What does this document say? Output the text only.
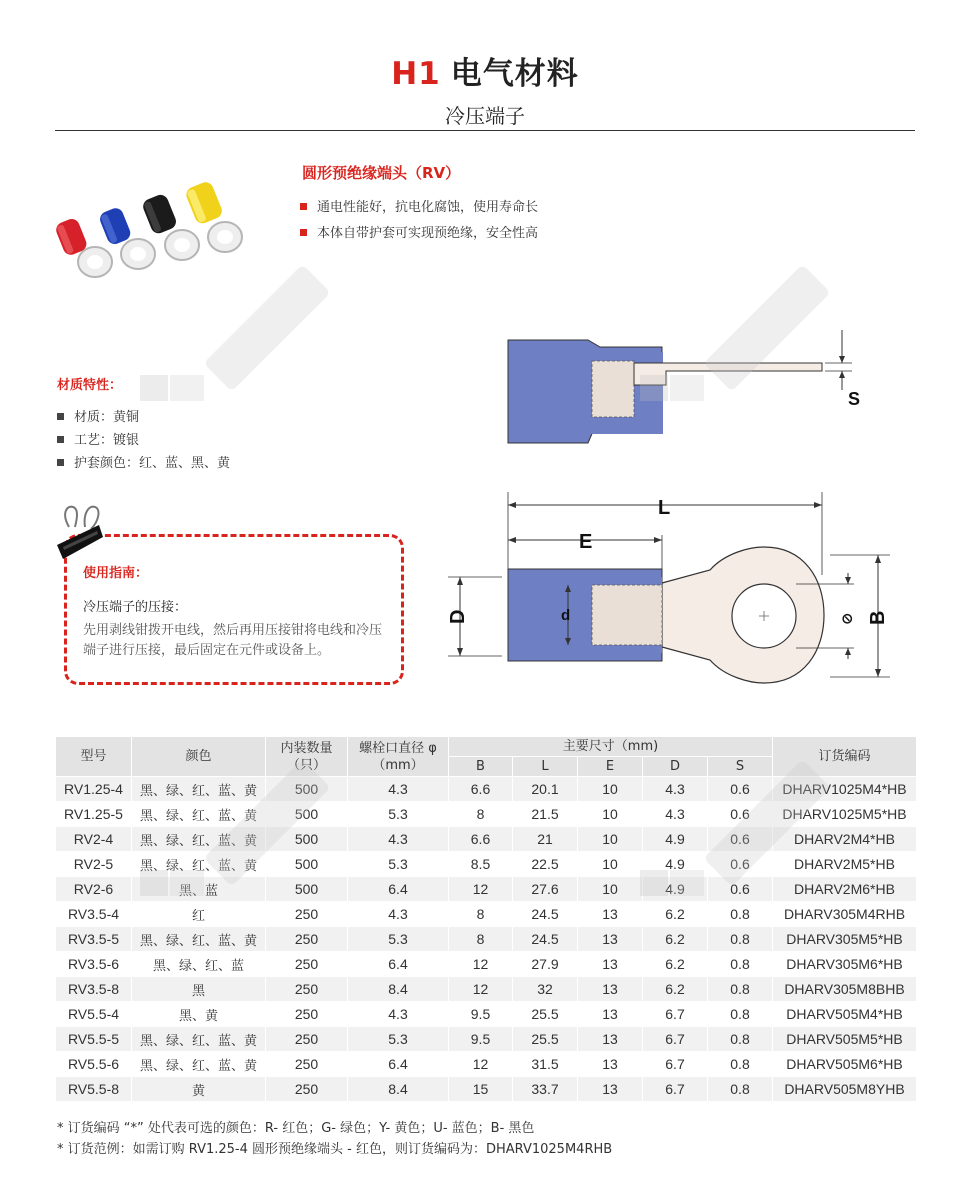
H1 电气材料
冷压端子
圆形预绝缘端头（RV）
通电性能好，抗电化腐蚀，使用寿命长
本体自带护套可实现预绝缘，安全性高
材质特性：
材质：黄铜
工艺：镀银
护套颜色：红、蓝、黑、黄
使用指南：
冷压端子的压接：
先用剥线钳拨开电线，然后再用压接钳将电线和冷压端子进行压接，最后固定在元件或设备上。
S
L
E
D	d	B
⊘
型号	颜色	内装数量（只）	螺栓口直径 φ（mm）	主要尺寸（mm)					订货编码
				B	L	E	D	S	
RV1.25-4	黑、绿、红、蓝、黄	500	4.3	6.6	20.1	10	4.3	0.6	DHARV1025M4*HB
RV1.25-5	黑、绿、红、蓝、黄	500	5.3	8	21.5	10	4.3	0.6	DHARV1025M5*HB
RV2-4	黑、绿、红、蓝、黄	500	4.3	6.6	21	10	4.9	0.6	DHARV2M4*HB
RV2-5	黑、绿、红、蓝、黄	500	5.3	8.5	22.5	10	4.9	0.6	DHARV2M5*HB
RV2-6	黑、蓝	500	6.4	12	27.6	10	4.9	0.6	DHARV2M6*HB
RV3.5-4	红	250	4.3	8	24.5	13	6.2	0.8	DHARV305M4RHB
RV3.5-5	黑、绿、红、蓝、黄	250	5.3	8	24.5	13	6.2	0.8	DHARV305M5*HB
RV3.5-6	黑、绿、红、蓝	250	6.4	12	27.9	13	6.2	0.8	DHARV305M6*HB
RV3.5-8	黑	250	8.4	12	32	13	6.2	0.8	DHARV305M8BHB
RV5.5-4	黑、黄	250	4.3	9.5	25.5	13	6.7	0.8	DHARV505M4*HB
RV5.5-5	黑、绿、红、蓝、黄	250	5.3	9.5	25.5	13	6.7	0.8	DHARV505M5*HB
RV5.5-6	黑、绿、红、蓝、黄	250	6.4	12	31.5	13	6.7	0.8	DHARV505M6*HB
RV5.5-8	黄	250	8.4	15	33.7	13	6.7	0.8	DHARV505M8YHB
* 订货编码 “*” 处代表可选的颜色：R- 红色；G- 绿色；Y- 黄色；U- 蓝色；B- 黑色
* 订货范例：如需订购 RV1.25-4 圆形预绝缘端头 - 红色，则订货编码为：DHARV1025M4RHB
